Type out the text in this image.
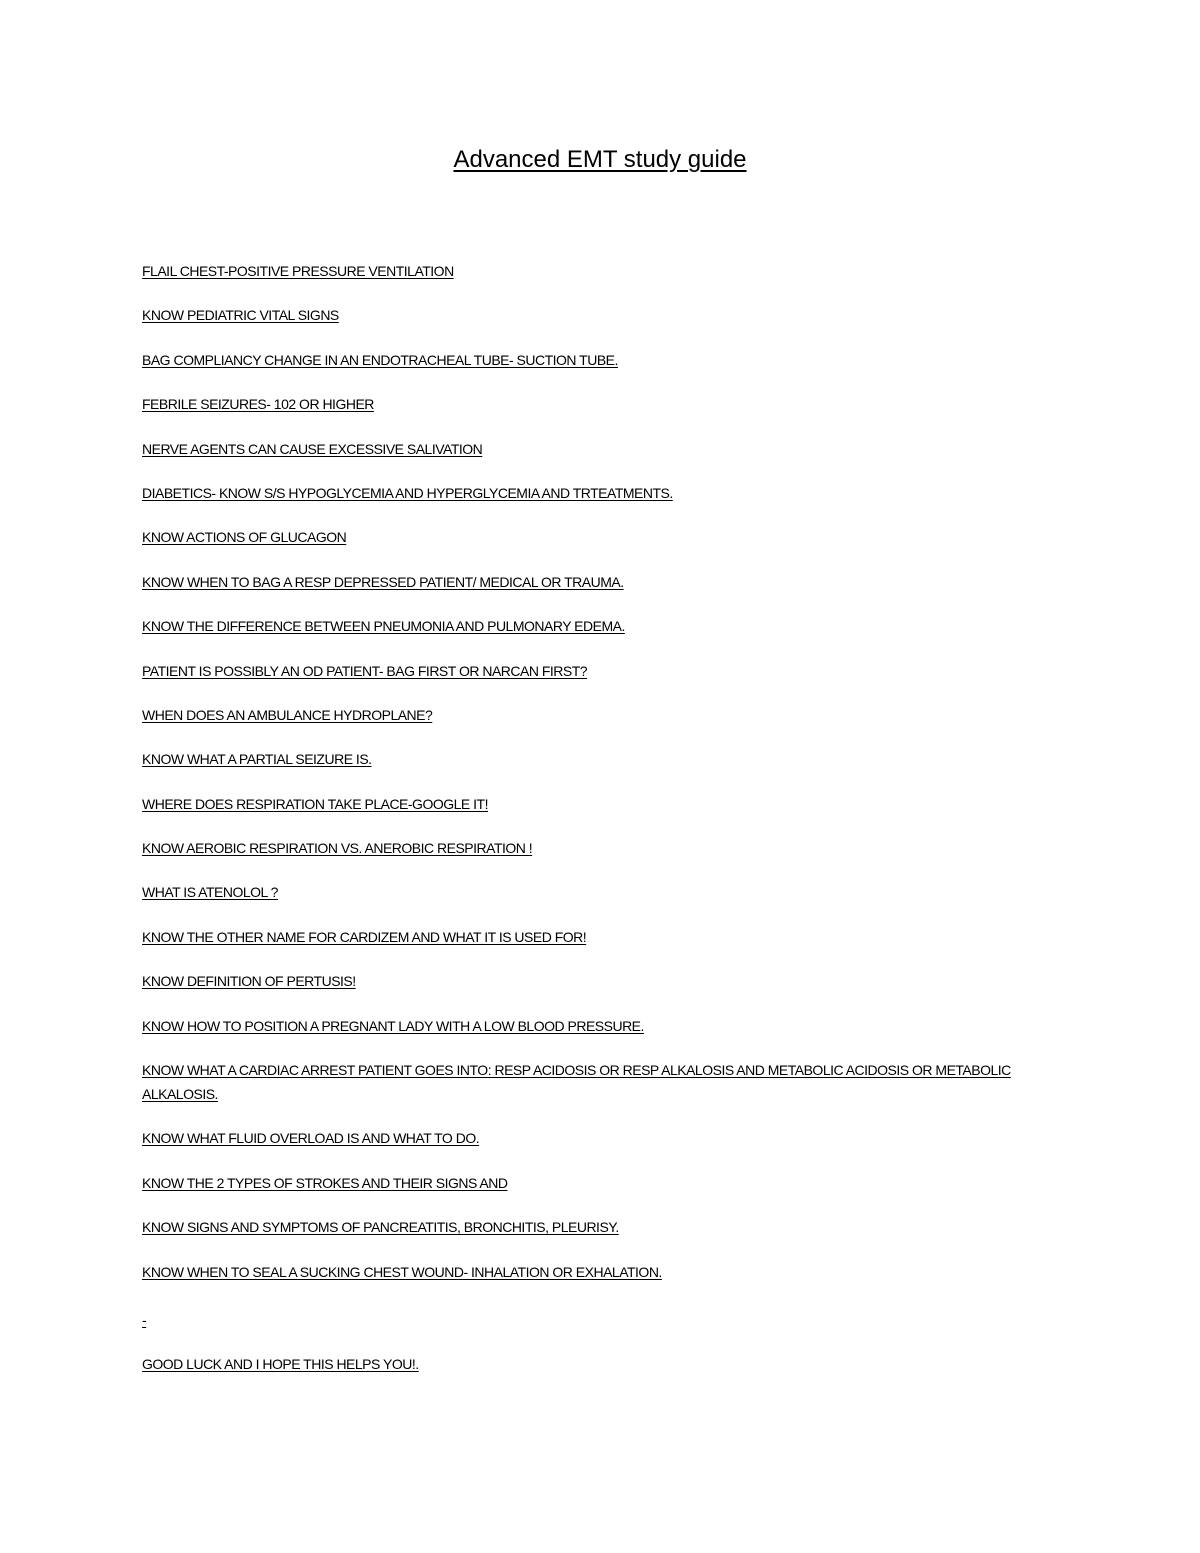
Advanced EMT study guide
FLAIL CHEST-POSITIVE PRESSURE VENTILATION
KNOW PEDIATRIC VITAL SIGNS
BAG COMPLIANCY CHANGE IN AN ENDOTRACHEAL TUBE- SUCTION TUBE.
FEBRILE SEIZURES- 102 OR HIGHER
NERVE AGENTS CAN CAUSE EXCESSIVE SALIVATION
DIABETICS- KNOW S/S HYPOGLYCEMIA AND HYPERGLYCEMIA AND TRTEATMENTS.
KNOW ACTIONS OF GLUCAGON
KNOW WHEN TO BAG A RESP DEPRESSED PATIENT/ MEDICAL OR TRAUMA.
KNOW THE DIFFERENCE BETWEEN PNEUMONIA AND PULMONARY EDEMA.
PATIENT IS POSSIBLY AN OD PATIENT- BAG FIRST OR NARCAN FIRST?
WHEN DOES AN AMBULANCE HYDROPLANE?
KNOW WHAT A PARTIAL SEIZURE IS.
WHERE DOES RESPIRATION TAKE PLACE-GOOGLE IT!
KNOW AEROBIC RESPIRATION VS. ANEROBIC RESPIRATION !
WHAT IS ATENOLOL ?
KNOW THE OTHER NAME FOR CARDIZEM AND WHAT IT IS USED FOR!
KNOW DEFINITION OF PERTUSIS!
KNOW HOW TO POSITION A PREGNANT LADY WITH A LOW BLOOD PRESSURE.
KNOW WHAT A CARDIAC ARREST PATIENT GOES INTO: RESP ACIDOSIS OR RESP ALKALOSIS AND METABOLIC ACIDOSIS OR METABOLIC ALKALOSIS.
KNOW WHAT FLUID OVERLOAD IS AND WHAT TO DO.
KNOW THE 2 TYPES OF STROKES AND THEIR SIGNS AND
KNOW SIGNS AND SYMPTOMS OF PANCREATITIS, BRONCHITIS, PLEURISY.
KNOW WHEN TO SEAL A SUCKING CHEST WOUND- INHALATION OR EXHALATION.
-
GOOD LUCK AND I HOPE THIS HELPS YOU!.
